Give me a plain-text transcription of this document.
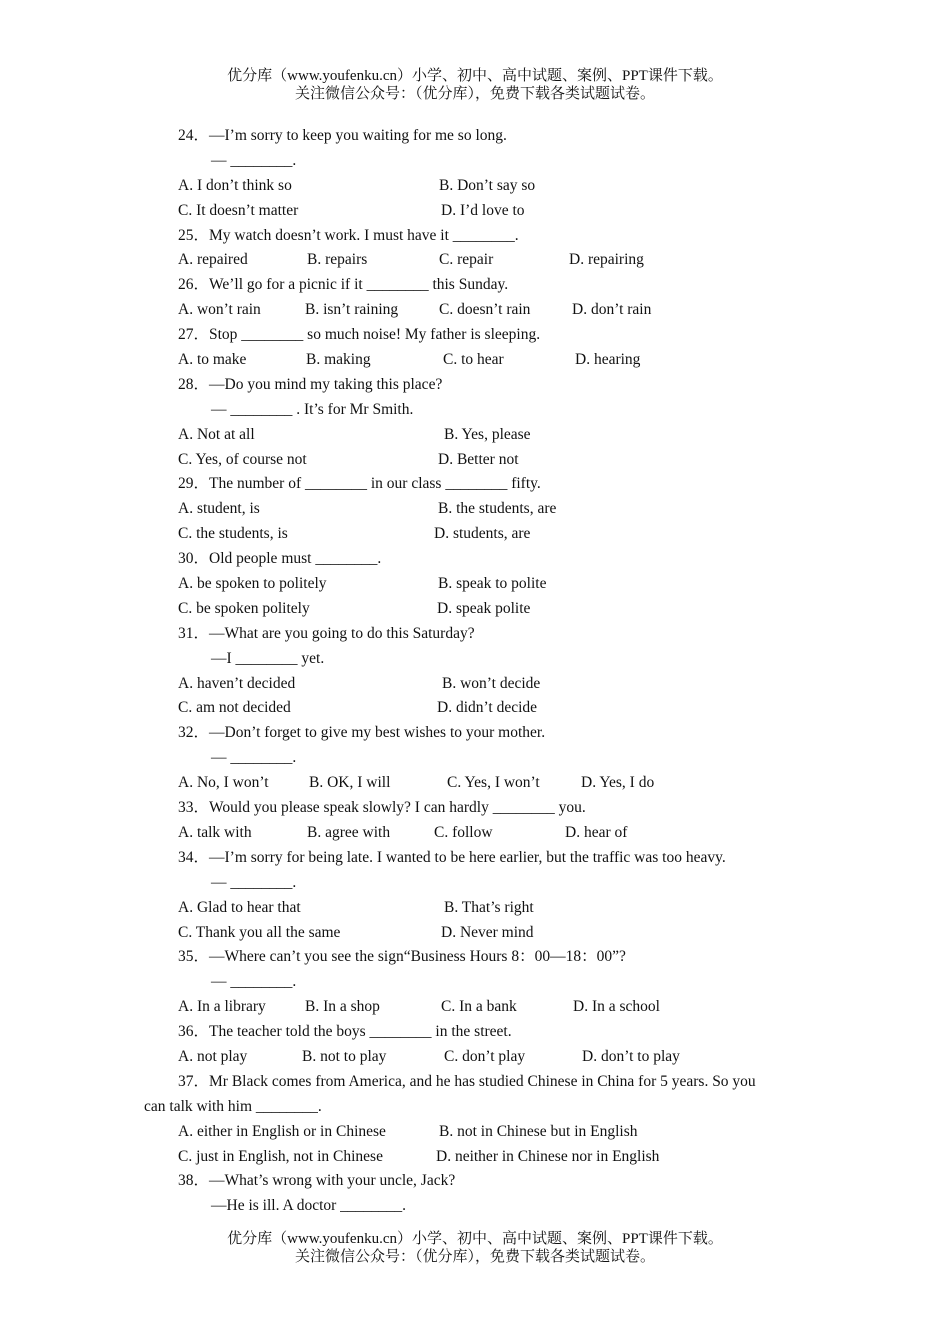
优分库（www.youfenku.cn）小学、初中、高中试题、案例、PPT课件下载。
关注微信公众号：（优分库），免费下载各类试题试卷。
24．—I’m sorry to keep you waiting for me so long.
— ________.
A. I don’t think so	B. Don’t say so
C. It doesn’t matter	D. I’d love to
25．My watch doesn’t work. I must have it ________.
A. repaired	B. repairs	C. repair	D. repairing
26．We’ll go for a picnic if it ________ this Sunday.
A. won’t rain	B. isn’t raining	C. doesn’t rain	D. don’t rain
27．Stop ________ so much noise! My father is sleeping.
A. to make	B. making	C. to hear	D. hearing
28．—Do you mind my taking this place?
— ________ . It’s for Mr Smith.
A. Not at all	B. Yes, please
C. Yes, of course not	D. Better not
29．The number of ________ in our class ________ fifty.
A. student, is	B. the students, are
C. the students, is	D. students, are
30．Old people must ________.
A. be spoken to politely	B. speak to polite
C. be spoken politely	D. speak polite
31．—What are you going to do this Saturday?
—I ________ yet.
A. haven’t decided	B. won’t decide
C. am not decided	D. didn’t decide
32．—Don’t forget to give my best wishes to your mother.
— ________.
A. No, I won’t	B. OK, I will	C. Yes, I won’t	D. Yes, I do
33．Would you please speak slowly? I can hardly ________ you.
A. talk with	B. agree with	C. follow	D. hear of
34．—I’m sorry for being late. I wanted to be here earlier, but the traffic was too heavy.
— ________.
A. Glad to hear that	B. That’s right
C. Thank you all the same	D. Never mind
35．—Where can’t you see the sign“Business Hours 8：00—18：00”?
— ________.
A. In a library	B. In a shop	C. In a bank	D. In a school
36．The teacher told the boys ________ in the street.
A. not play	B. not to play	C. don’t play	D. don’t to play
37．Mr Black comes from America, and he has studied Chinese in China for 5 years. So you
can talk with him ________.
A. either in English or in Chinese	B. not in Chinese but in English
C. just in English, not in Chinese	D. neither in Chinese nor in English
38．—What’s wrong with your uncle, Jack?
—He is ill. A doctor ________.
优分库（www.youfenku.cn）小学、初中、高中试题、案例、PPT课件下载。
关注微信公众号：（优分库），免费下载各类试题试卷。
